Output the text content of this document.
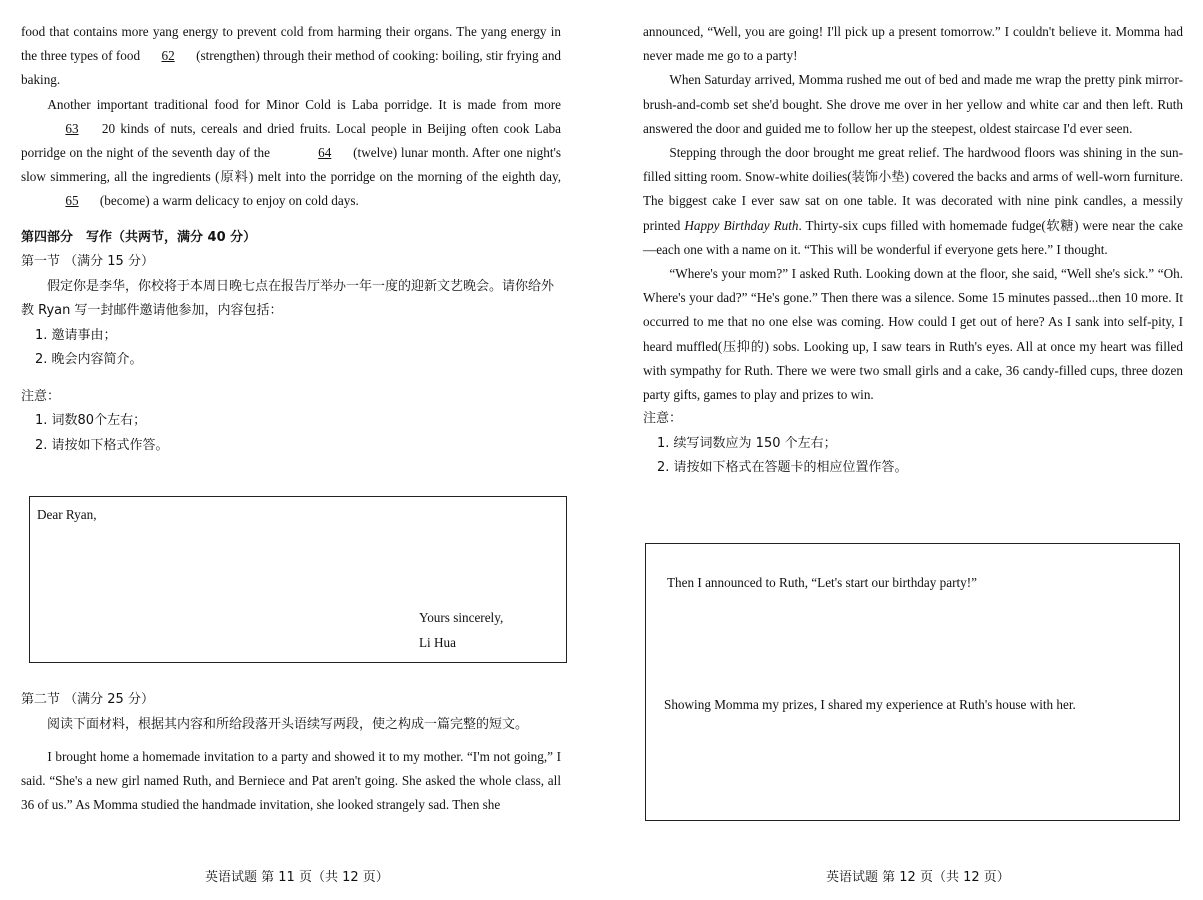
food that contains more yang energy to prevent cold from harming their organs. The yang energy in the three types of food 62 (strengthen) through their method of cooking: boiling, stir frying and baking.

Another important traditional food for Minor Cold is Laba porridge. It is made from more 63 20 kinds of nuts, cereals and dried fruits. Local people in Beijing often cook Laba porridge on the night of the seventh day of the	64 (twelve) lunar month. After one night's slow simmering, all the ingredients (原料) melt into the porridge on the morning of the eighth day, 65 (become) a warm delicacy to enjoy on cold days.

第四部分　写作（共两节，满分 40 分）

第一节 （满分 15 分）

假定你是李华，你校将于本周日晚七点在报告厅举办一年一度的迎新文艺晚会。请你给外教 Ryan 写一封邮件邀请他参加，内容包括：

1. 邀请事由；

2. 晚会内容简介。

注意：

1. 词数80个左右；

2. 请按如下格式作答。

Dear Ryan,
Yours sincerely,
Li Hua

第二节 （满分 25 分）

阅读下面材料，根据其内容和所给段落开头语续写两段，使之构成一篇完整的短文。

I brought home a homemade invitation to a party and showed it to my mother. “I'm not going,” I said. “She's a new girl named Ruth, and Berniece and Pat aren't going. She asked the whole class, all 36 of us.” As Momma studied the handmade invitation, she looked strangely sad. Then she

英语试题 第 11 页（共 12 页）

announced, “Well, you are going! I'll pick up a present tomorrow.” I couldn't believe it. Momma had never made me go to a party!

When Saturday arrived, Momma rushed me out of bed and made me wrap the pretty pink mirror-brush-and-comb set she'd bought. She drove me over in her yellow and white car and then left. Ruth answered the door and guided me to follow her up the steepest, oldest staircase I'd ever seen.

Stepping through the door brought me great relief. The hardwood floors was shining in the sun-filled sitting room. Snow-white doilies(装饰小垫) covered the backs and arms of well-worn furniture. The biggest cake I ever saw sat on one table. It was decorated with nine pink candles, a messily printed Happy Birthday Ruth. Thirty-six cups filled with homemade fudge(软糖) were near the cake—each one with a name on it. “This will be wonderful if everyone gets here.” I thought.

“Where's your mom?” I asked Ruth. Looking down at the floor, she said, “Well she's sick.” “Oh. Where's your dad?” “He's gone.” Then there was a silence. Some 15 minutes passed...then 10 more. It occurred to me that no one else was coming. How could I get out of here? As I sank into self-pity, I heard muffled(压抑的) sobs. Looking up, I saw tears in Ruth's eyes. All at once my heart was filled with sympathy for Ruth. There we were two small girls and a cake, 36 candy-filled cups, three dozen party gifts, games to play and prizes to win.

注意：

1. 续写词数应为 150 个左右；

2. 请按如下格式在答题卡的相应位置作答。

Then I announced to Ruth, “Let's start our birthday party!”
Showing Momma my prizes, I shared my experience at Ruth's house with her.
英语试题 第 12 页（共 12 页）
